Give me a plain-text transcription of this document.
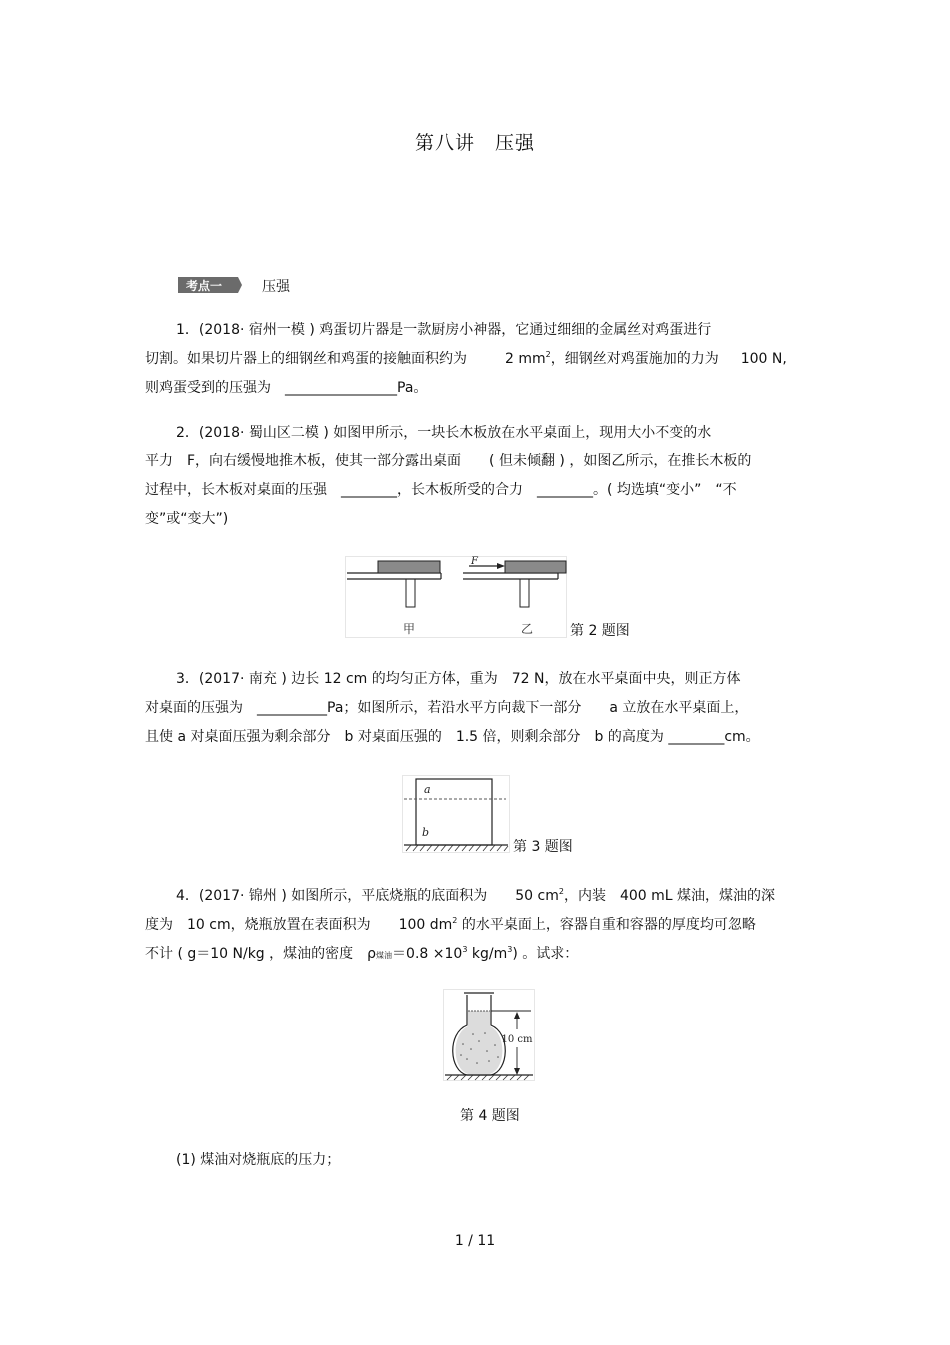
第八讲　压强
考点一	压强
1．(2018· 宿州一模 ) 鸡蛋切片器是一款厨房小神器，它通过细细的金属丝对鸡蛋进行
切割。如果切片器上的细钢丝和鸡蛋的接触面积约为	2 $mm^2$，细钢丝对鸡蛋施加的力为 100 N,
则鸡蛋受到的压强为　________________Pa。
2．(2018· 蜀山区二模 ) 如图甲所示，一块长木板放在水平桌面上，现用大小不变的水
平力　F，向右缓慢地推木板，使其一部分露出桌面　　( 但未倾翻 ) ，如图乙所示，在推长木板的
过程中，长木板对桌面的压强　________，长木板所受的合力　________。( 均选填“变小”　“不
变”或“变大”)
甲
F
乙	第 2 题图
3．(2017· 南充 ) 边长 12 cm 的均匀正方体，重为　72 N，放在水平桌面中央，则正方体
对桌面的压强为　__________Pa；如图所示，若沿水平方向裁下一部分　　a 立放在水平桌面上，
且使 a 对桌面压强为剩余部分　b 对桌面压强的　1.5 倍，则剩余部分　b 的高度为 ________cm。
a
b
第 3 题图
4．(2017· 锦州 ) 如图所示，平底烧瓶的底面积为　　50 $cm^2$，内装　400 mL 煤油，煤油的深
度为　10 cm，烧瓶放置在表面积为　　100 $dm^2$ 的水平桌面上，容器自重和容器的厚度均可忽略
不计 ( g＝10 N/kg ，煤油的密度　ρ煤油$=0.8 \times 10^3$ $kg/m^3$) 。试求：
10 cm
第 4 题图
(1) 煤油对烧瓶底的压力；
1 / 11
